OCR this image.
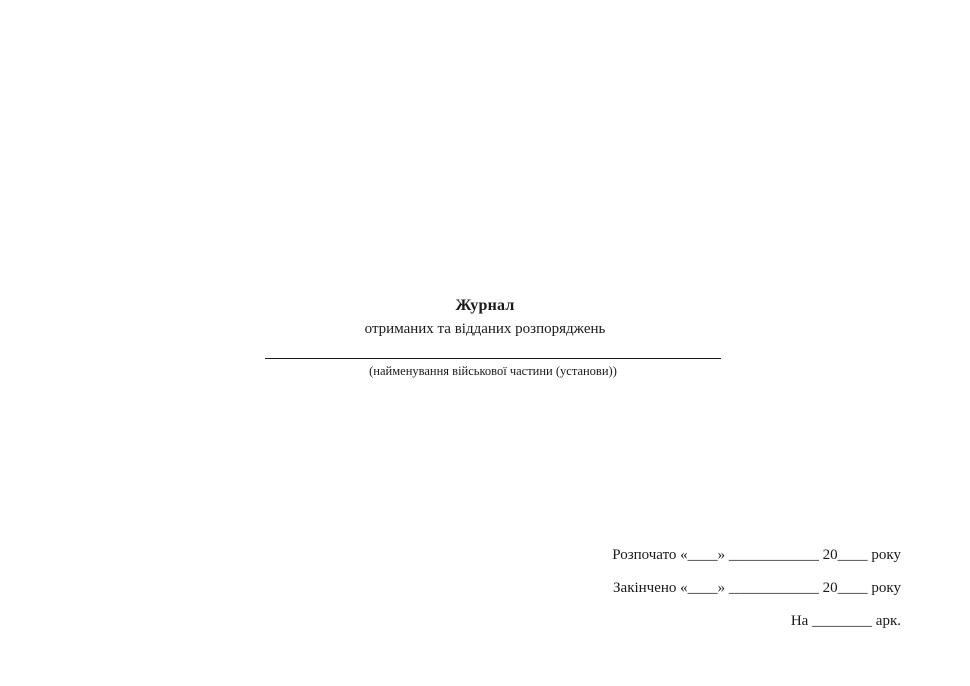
Журнал
отриманих та відданих розпоряджень
(найменування військової частини (установи))
Розпочато «____» ____________ 20____ року
Закінчено «____» ____________ 20____ року
На ________ арк.
